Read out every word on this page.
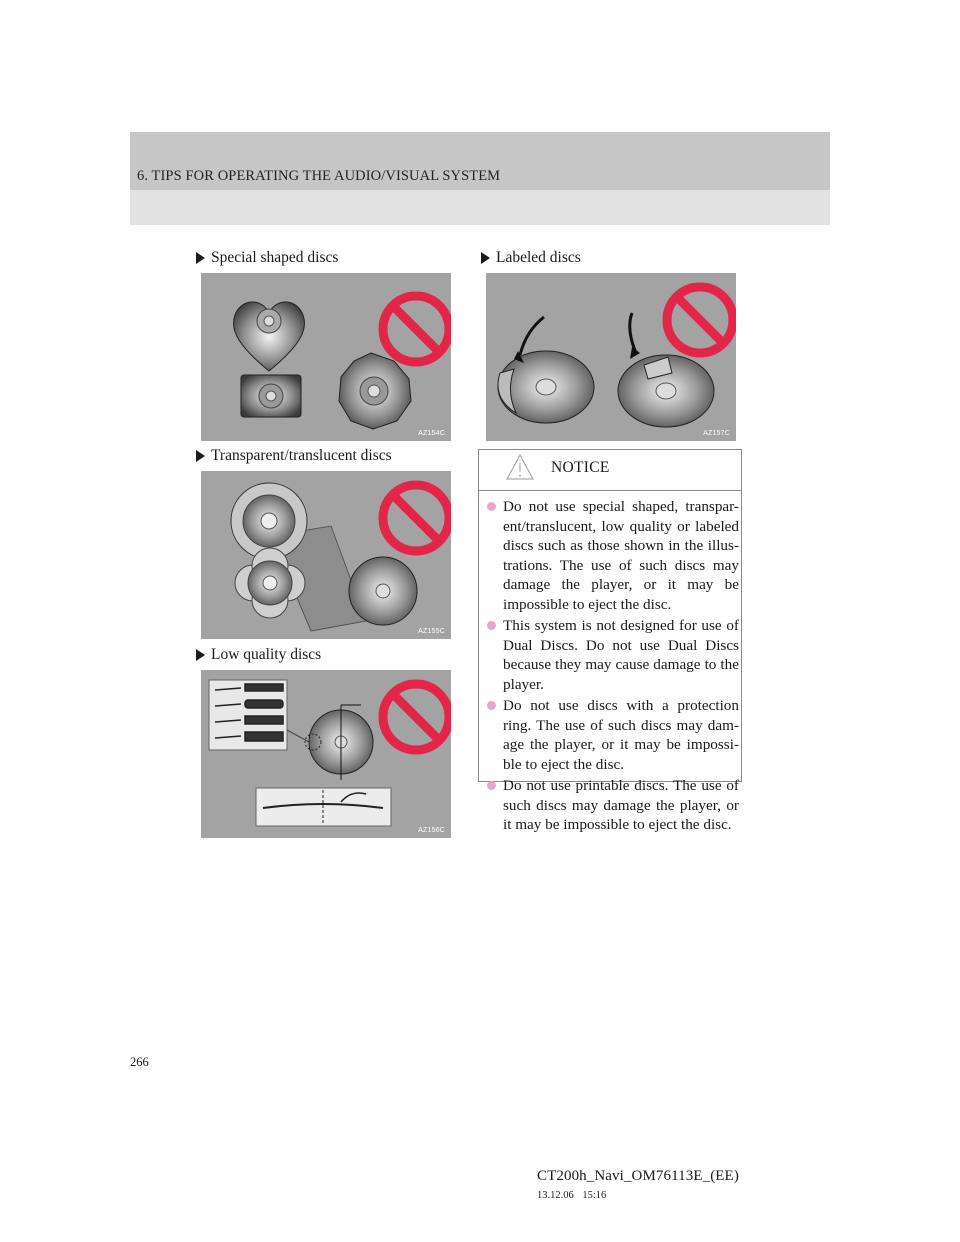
6. TIPS FOR OPERATING THE AUDIO/VISUAL SYSTEM
Special shaped discs
AZ154C
Transparent/translucent discs
AZ155C
Low quality discs
AZ156C
Labeled discs
AZ157C
NOTICE
Do not use special shaped, transpar-ent/translucent, low quality or labeled discs such as those shown in the illus-trations. The use of such discs may damage the player, or it may be impossible to eject the disc.
This system is not designed for use of Dual Discs. Do not use Dual Discs because they may cause damage to the player.
Do not use discs with a protection ring. The use of such discs may dam-age the player, or it may be impossi-ble to eject the disc.
Do not use printable discs. The use of such discs may damage the player, or it may be impossible to eject the disc.
266
CT200h_Navi_OM76113E_(EE)
13.12.06 15:16
